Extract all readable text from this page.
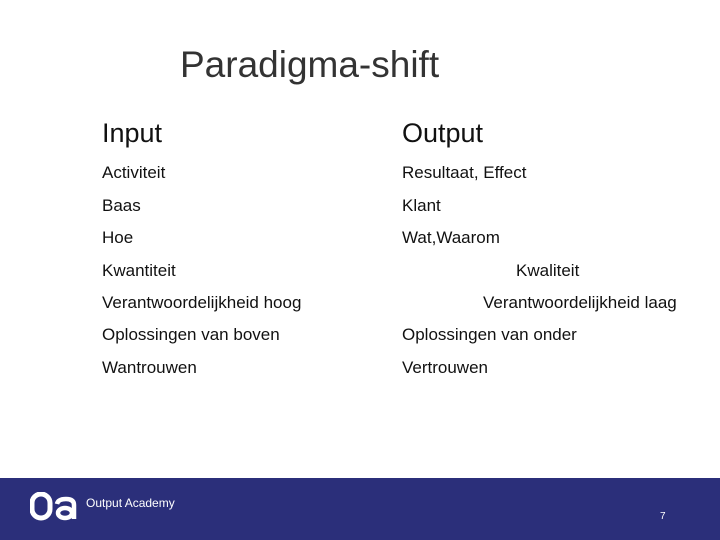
Paradigma-shift
Input	Output
Activiteit	Resultaat, Effect
Baas	Klant
Hoe	Wat,Waarom
Kwantiteit	Kwaliteit
Verantwoordelijkheid hoog	Verantwoordelijkheid laag
Oplossingen van boven	Oplossingen van onder
Wantrouwen	Vertrouwen
Output Academy
7
